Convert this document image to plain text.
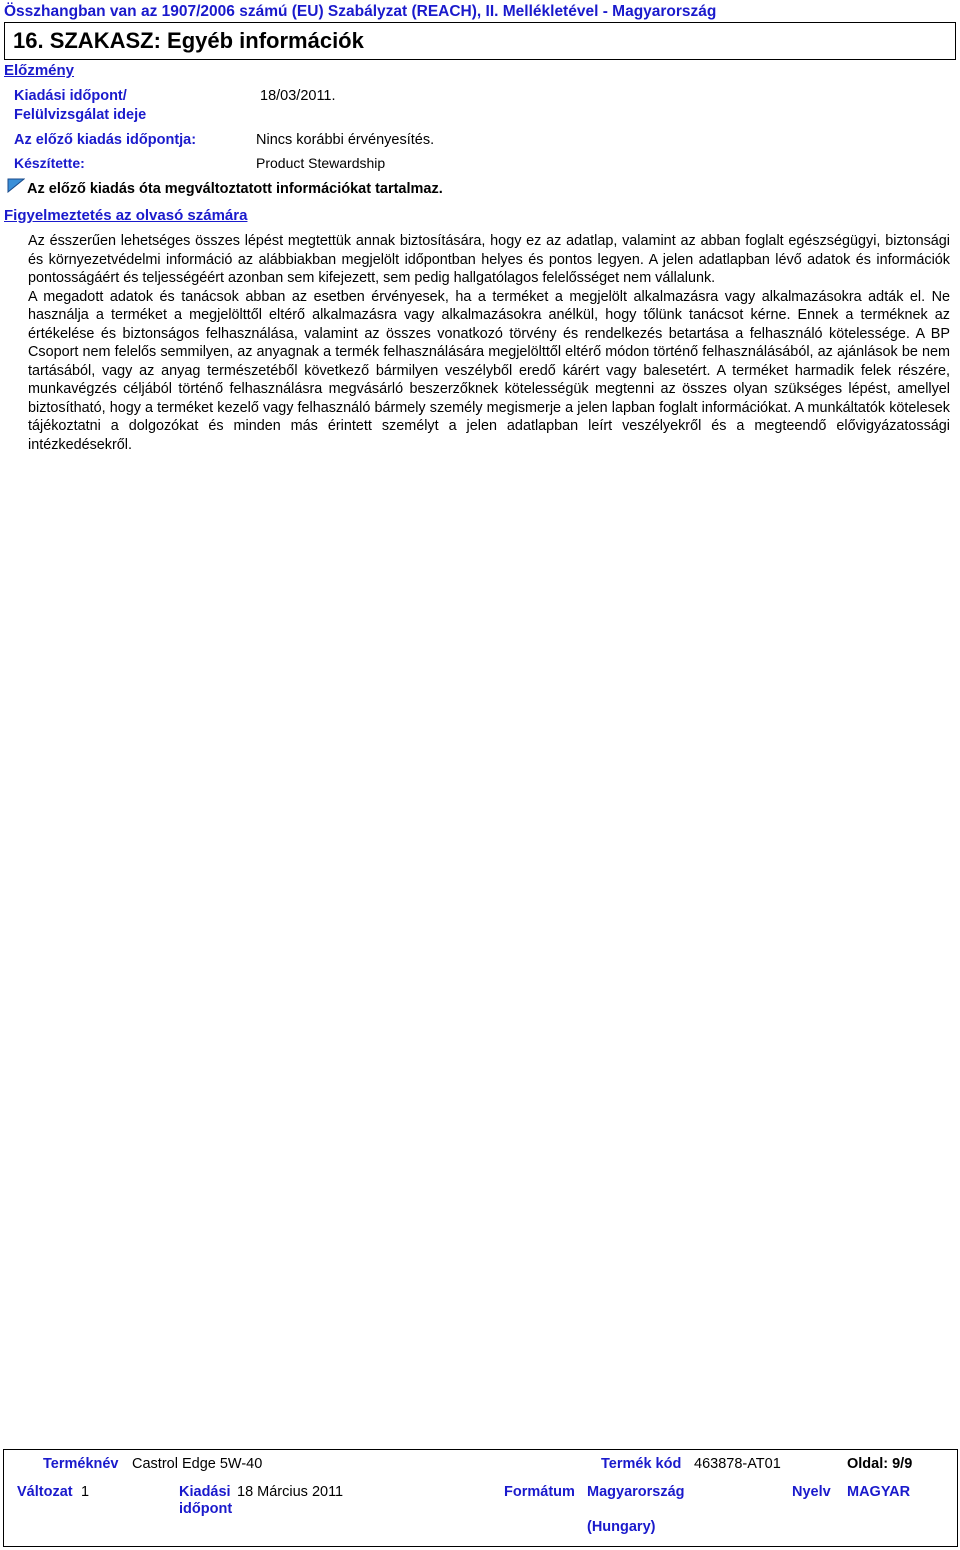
Összhangban van az 1907/2006 számú (EU) Szabályzat (REACH), II. Mellékletével - Magyarország
16. SZAKASZ: Egyéb információk
Előzmény
Kiadási időpont/
Felülvizsgálat ideje
18/03/2011.
Az előző kiadás időpontja:	Nincs korábbi érvényesítés.
Készítette:	Product Stewardship
Az előző kiadás óta megváltoztatott információkat tartalmaz.
Figyelmeztetés az olvasó számára

Az ésszerűen lehetséges összes lépést megtettük annak biztosítására, hogy ez az adatlap, valamint az abban foglalt egészségügyi, biztonsági és környezetvédelmi információ az alábbiakban megjelölt időpontban helyes és pontos legyen. A jelen adatlapban lévő adatok és információk pontosságáért és teljességéért azonban sem kifejezett, sem pedig hallgatólagos felelősséget nem vállalunk.

A megadott adatok és tanácsok abban az esetben érvényesek, ha a terméket a megjelölt alkalmazásra vagy alkalmazásokra adták el. Ne használja a terméket a megjelölttől eltérő alkalmazásra vagy alkalmazásokra anélkül, hogy tőlünk tanácsot kérne. Ennek a terméknek az értékelése és biztonságos felhasználása, valamint az összes vonatkozó törvény és rendelkezés betartása a felhasználó kötelessége. A BP Csoport nem felelős semmilyen, az anyagnak a termék felhasználására megjelölttől eltérő módon történő felhasználásából, az ajánlások be nem tartásából, vagy az anyag természetéből következő bármilyen veszélyből eredő kárért vagy balesetért. A terméket harmadik felek részére, munkavégzés céljából történő felhasználásra megvásárló beszerzőknek kötelességük megtenni az összes olyan szükséges lépést, amellyel biztosítható, hogy a terméket kezelő vagy felhasználó bármely személy megismerje a jelen lapban foglalt információkat. A munkáltatók kötelesek tájékoztatni a dolgozókat és minden más érintett személyt a jelen adatlapban leírt veszélyekről és a megteendő elővigyázatossági intézkedésekről.

Terméknév Castrol Edge 5W-40	Termék kód 463878-AT01	Oldal: 9/9
Változat 1	Kiadási
időpont
18 Március 2011	Formátum Magyarország
(Hungary)
Nyelv MAGYAR
